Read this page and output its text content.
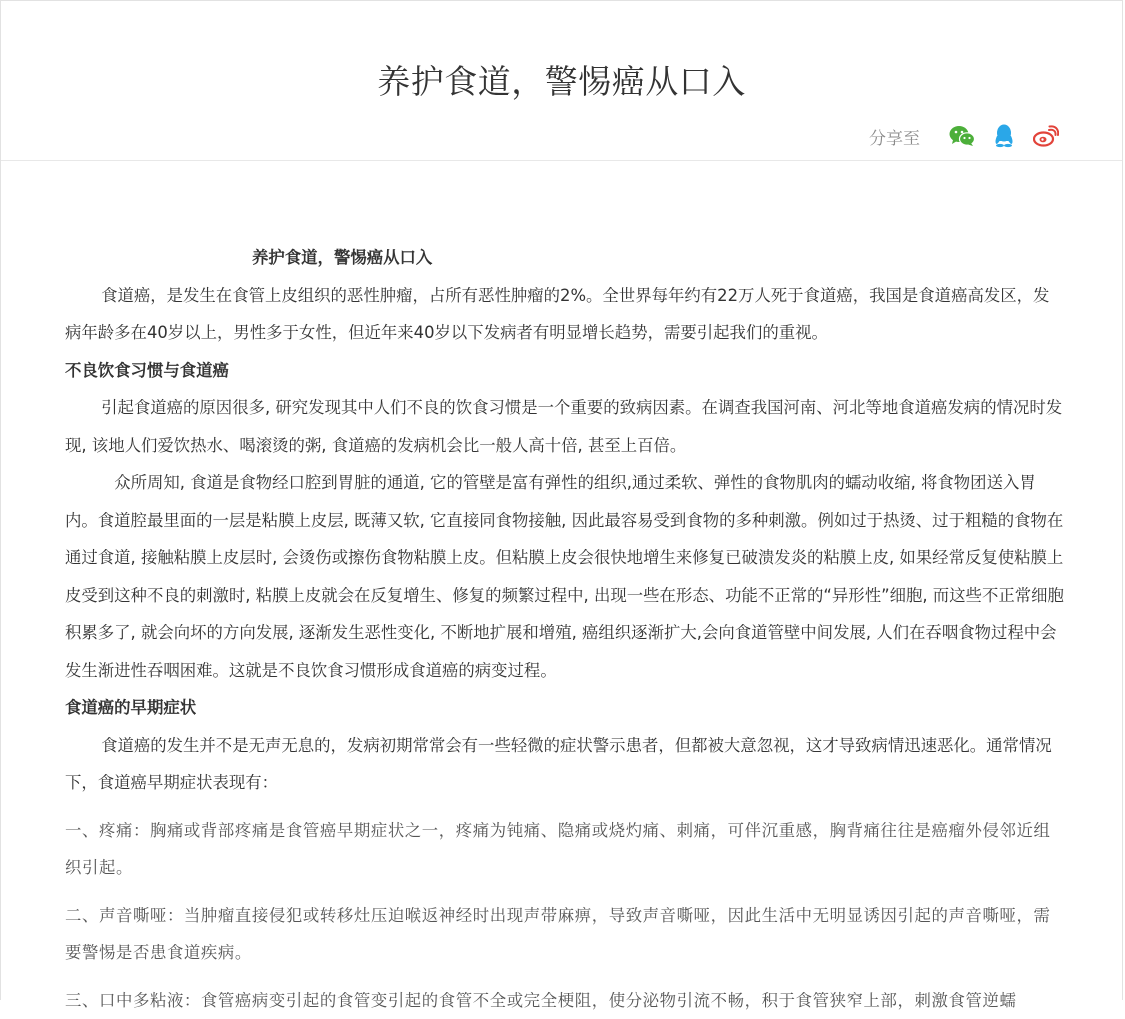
养护食道，警惕癌从口入
分享至

养护食道，警惕癌从口入

食道癌，是发生在食管上皮组织的恶性肿瘤，占所有恶性肿瘤的2%。全世界每年约有22万人死于食道癌，我国是食道癌高发区，发病年龄多在40岁以上，男性多于女性，但近年来40岁以下发病者有明显增长趋势，需要引起我们的重视。

不良饮食习惯与食道癌

引起食道癌的原因很多, 研究发现其中人们不良的饮食习惯是一个重要的致病因素。在调查我国河南、河北等地食道癌发病的情况时发现, 该地人们爱饮热水、喝滚烫的粥, 食道癌的发病机会比一般人高十倍, 甚至上百倍。

众所周知, 食道是食物经口腔到胃脏的通道, 它的管壁是富有弹性的组织,通过柔软、弹性的食物肌肉的蠕动收缩, 将食物团送入胃内。食道腔最里面的一层是粘膜上皮层, 既薄又软, 它直接同食物接触, 因此最容易受到食物的多种刺激。例如过于热烫、过于粗糙的食物在通过食道, 接触粘膜上皮层时, 会烫伤或擦伤食物粘膜上皮。但粘膜上皮会很快地增生来修复已破溃发炎的粘膜上皮, 如果经常反复使粘膜上皮受到这种不良的刺激时, 粘膜上皮就会在反复增生、修复的频繁过程中, 出现一些在形态、功能不正常的“异形性”细胞, 而这些不正常细胞积累多了, 就会向坏的方向发展, 逐渐发生恶性变化, 不断地扩展和增殖, 癌组织逐渐扩大,会向食道管壁中间发展, 人们在吞咽食物过程中会发生渐进性吞咽困难。这就是不良饮食习惯形成食道癌的病变过程。

食道癌的早期症状

食道癌的发生并不是无声无息的，发病初期常常会有一些轻微的症状警示患者，但都被大意忽视，这才导致病情迅速恶化。通常情况下，食道癌早期症状表现有：

一、疼痛：胸痛或背部疼痛是食管癌早期症状之一，疼痛为钝痛、隐痛或烧灼痛、刺痛，可伴沉重感，胸背痛往往是癌瘤外侵邻近组织引起。

二、声音嘶哑：当肿瘤直接侵犯或转移灶压迫喉返神经时出现声带麻痹，导致声音嘶哑，因此生活中无明显诱因引起的声音嘶哑，需要警惕是否患食道疾病。

三、口中多粘液：食管癌病变引起的食管变引起的食管不全或完全梗阻，使分泌物引流不畅，积于食管狭窄上部，刺激食管逆蠕
